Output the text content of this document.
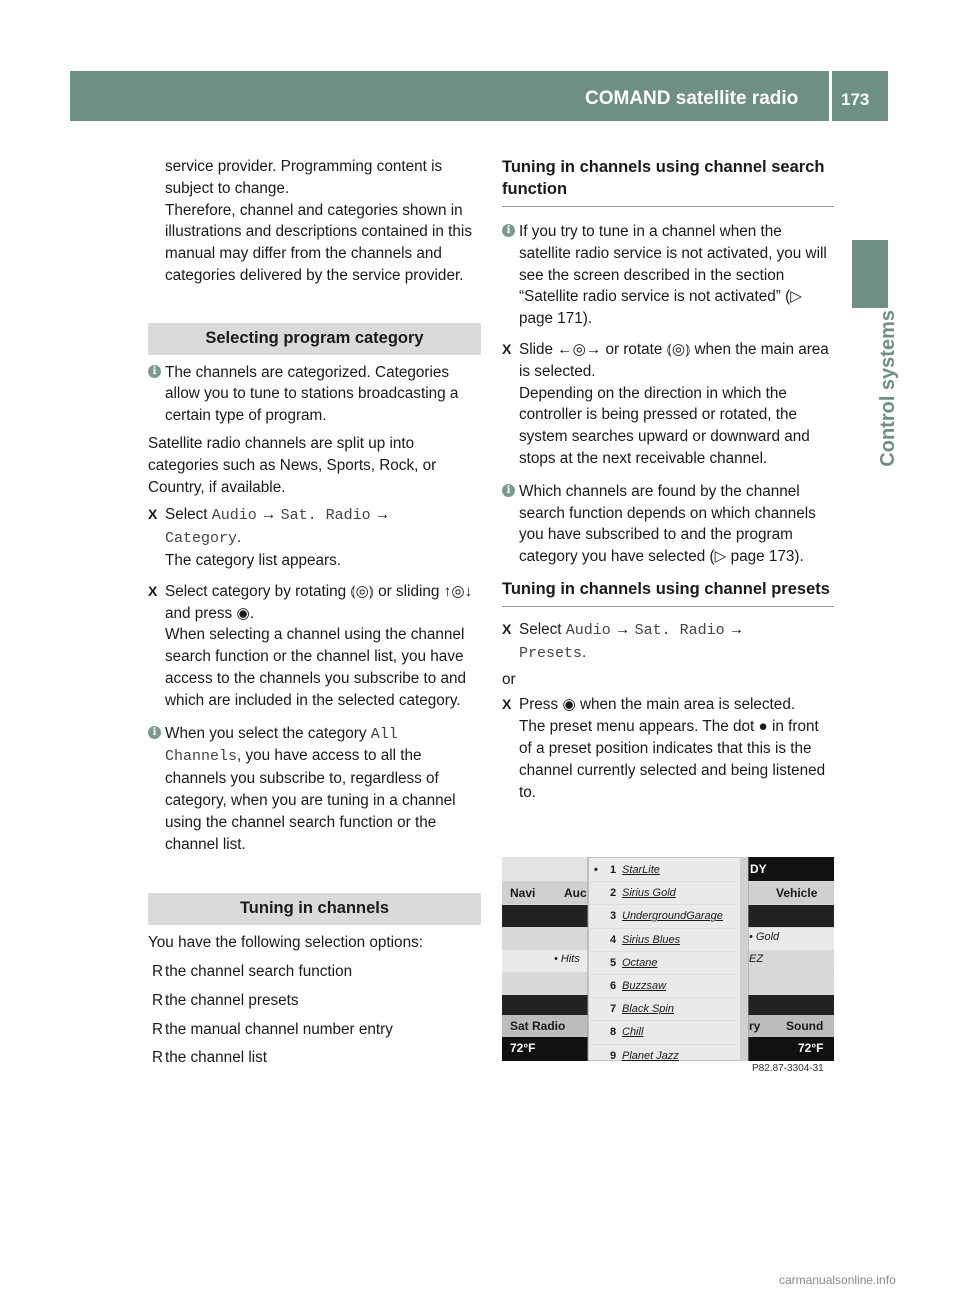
COMAND satellite radio	173
Control systems

service provider. Programming content is subject to change.
Therefore, channel and categories shown in illustrations and descriptions contained in this manual may differ from the channels and categories delivered by the service provider.

Selecting program category

i The channels are categorized. Categories allow you to tune to stations broadcasting a certain type of program.

Satellite radio channels are split up into categories such as News, Sports, Rock, or Country, if available.

X Select Audio → Sat. Radio →
Category.
The category list appears.
X Select category by rotating ⦅◎⦆ or sliding ↑◎↓ and press ◉.
When selecting a channel using the channel search function or the channel list, you have access to the channels you subscribe to and which are included in the selected category.

i When you select the category All Channels, you have access to all the channels you subscribe to, regardless of category, when you are tuning in a channel using the channel search function or the channel list.

Tuning in channels

You have the following selection options:

R the channel search function

R the channel presets

R the manual channel number entry

R the channel list

Tuning in channels using channel search function

i If you try to tune in a channel when the satellite radio service is not activated, you will see the screen described in the section “Satellite radio service is not activated” (▷ page 171).

X Slide ←◎→ or rotate ⦅◎⦆ when the main area is selected.
Depending on the direction in which the controller is being pressed or rotated, the system searches upward or downward and stops at the next receivable channel.

i Which channels are found by the channel search function depends on which channels you have subscribed to and the program category you have selected (▷ page 173).

Tuning in channels using channel presets

X Select Audio → Sat. Radio →
Presets.

or

X Press ◉ when the main area is selected.
The preset menu appears. The dot ● in front of a preset position indicates that this is the channel currently selected and being listened to.
Navi Auc
• Hits
Sat Radio
72°F
DY
Vehicle
• Gold
EZ
ry Sound
72°F
• 1 StarLite
2 Sirius Gold
3 UndergroundGarage
4 Sirius Blues
5 Octane
6 Buzzsaw
7 Black Spin
8 Chill
9 Planet Jazz
P82.87-3304-31
carmanualsonline.info
